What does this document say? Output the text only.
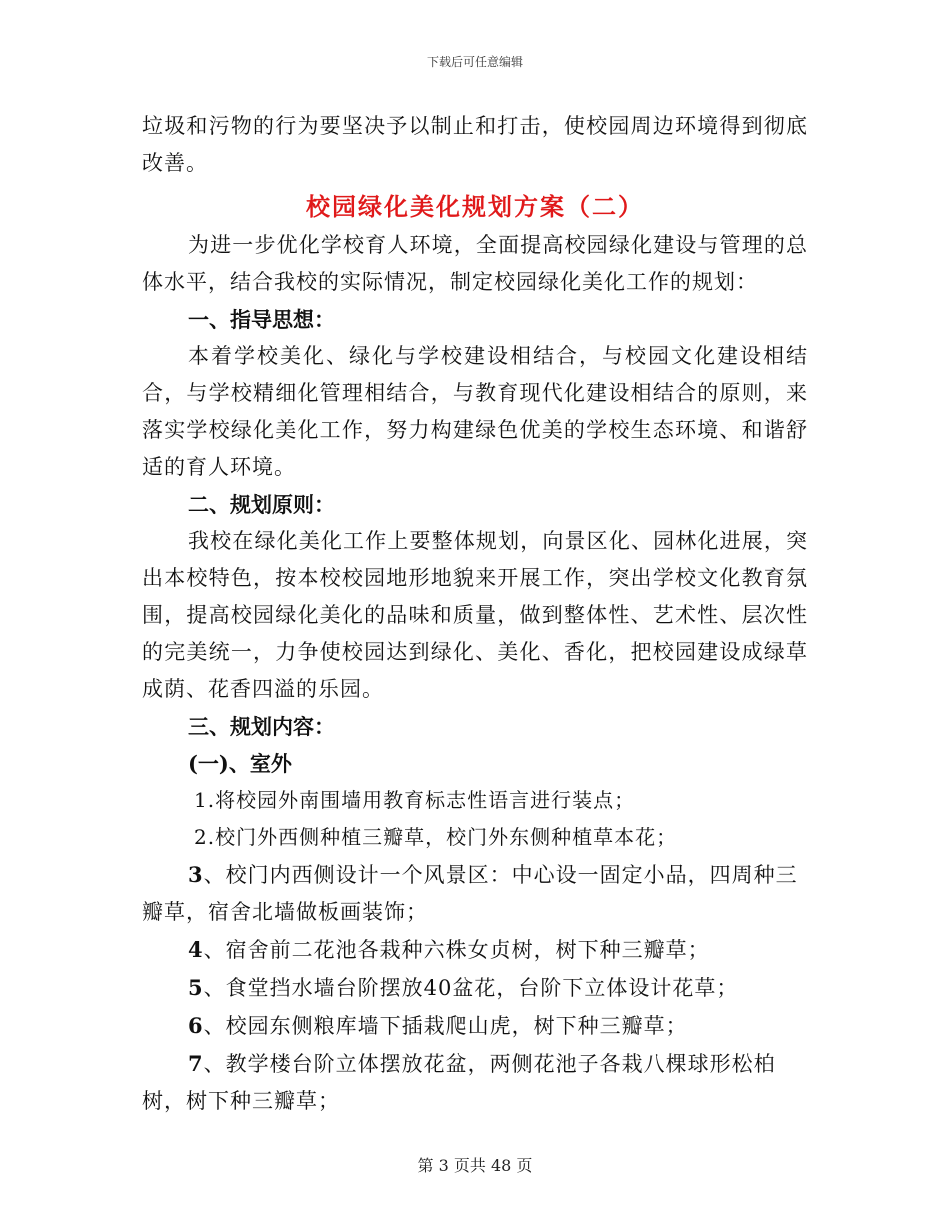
下载后可任意编辑

垃圾和污物的行为要坚决予以制止和打击，使校园周边环境得到彻底改善。

校园绿化美化规划方案（二）

为进一步优化学校育人环境，全面提高校园绿化建设与管理的总体水平，结合我校的实际情况，制定校园绿化美化工作的规划：

一、指导思想：

本着学校美化、绿化与学校建设相结合，与校园文化建设相结合，与学校精细化管理相结合，与教育现代化建设相结合的原则，来落实学校绿化美化工作，努力构建绿色优美的学校生态环境、和谐舒适的育人环境。

二、规划原则：

我校在绿化美化工作上要整体规划，向景区化、园林化进展，突出本校特色，按本校校园地形地貌来开展工作，突出学校文化教育氛围，提高校园绿化美化的品味和质量，做到整体性、艺术性、层次性的完美统一，力争使校园达到绿化、美化、香化，把校园建设成绿草成荫、花香四溢的乐园。

三、规划内容：

(一)、室外

1.将校园外南围墙用教育标志性语言进行装点；

2.校门外西侧种植三瓣草，校门外东侧种植草本花；

3、校门内西侧设计一个风景区：中心设一固定小品，四周种三瓣草，宿舍北墙做板画装饰；

4、宿舍前二花池各栽种六株女贞树，树下种三瓣草；

5、食堂挡水墙台阶摆放40盆花，台阶下立体设计花草；

6、校园东侧粮库墙下插栽爬山虎，树下种三瓣草；

7、教学楼台阶立体摆放花盆，两侧花池子各栽八棵球形松柏树，树下种三瓣草；

第 3 页共 48 页
